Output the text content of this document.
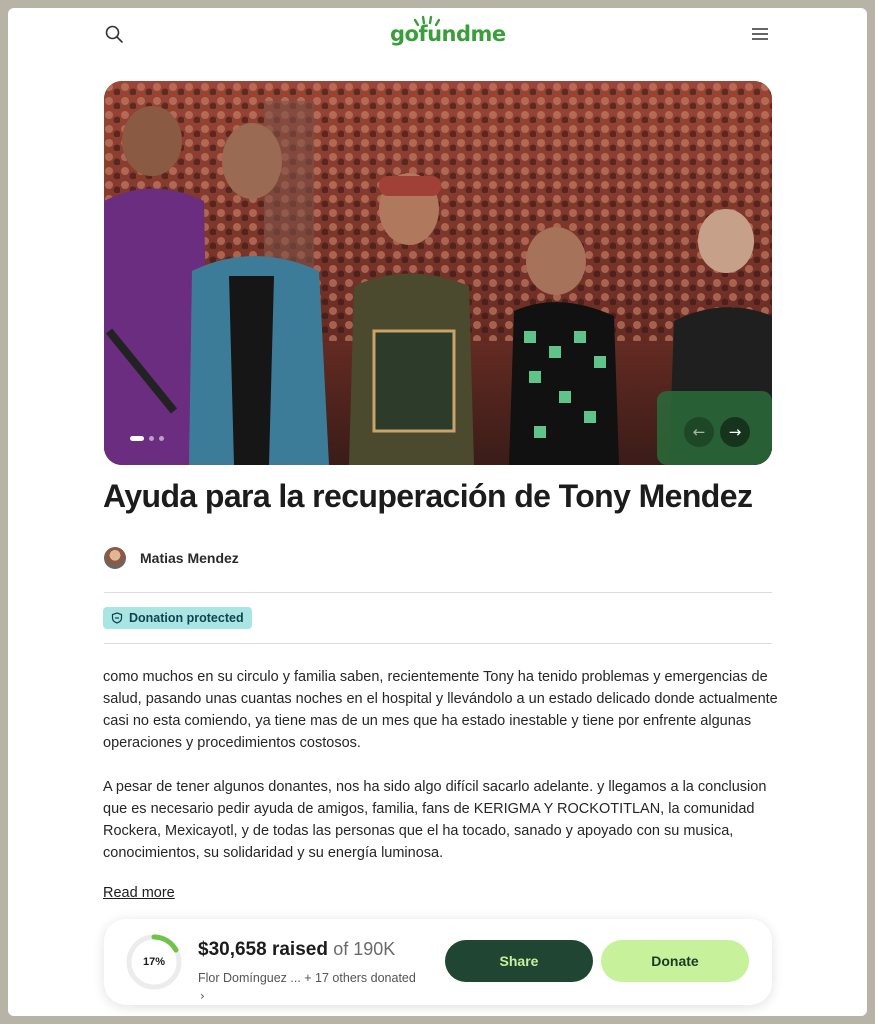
gofundme
←	→
Ayuda para la recuperación de Tony Mendez
Matias Mendez
Donation protected

como muchos en su circulo y familia saben, recientemente Tony ha tenido problemas y emergencias de salud, pasando unas cuantas noches en el hospital y llevándolo a un estado delicado donde actualmente casi no esta comiendo, ya tiene mas de un mes que ha estado inestable y tiene por enfrente algunas operaciones y procedimientos costosos.

A pesar de tener algunos donantes, nos ha sido algo difícil sacarlo adelante. y llegamos a la conclusion que es necesario pedir ayuda de amigos, familia, fans de KERIGMA Y ROCKOTITLAN, la comunidad Rockera, Mexicayotl, y de todas las personas que el ha tocado, sanado y apoyado con su musica, conocimientos, su solidaridad y su energía luminosa.

Read more
17%
$30,658 raised of 190K
Flor Domínguez ... + 17 others donated
›
Share	Donate
